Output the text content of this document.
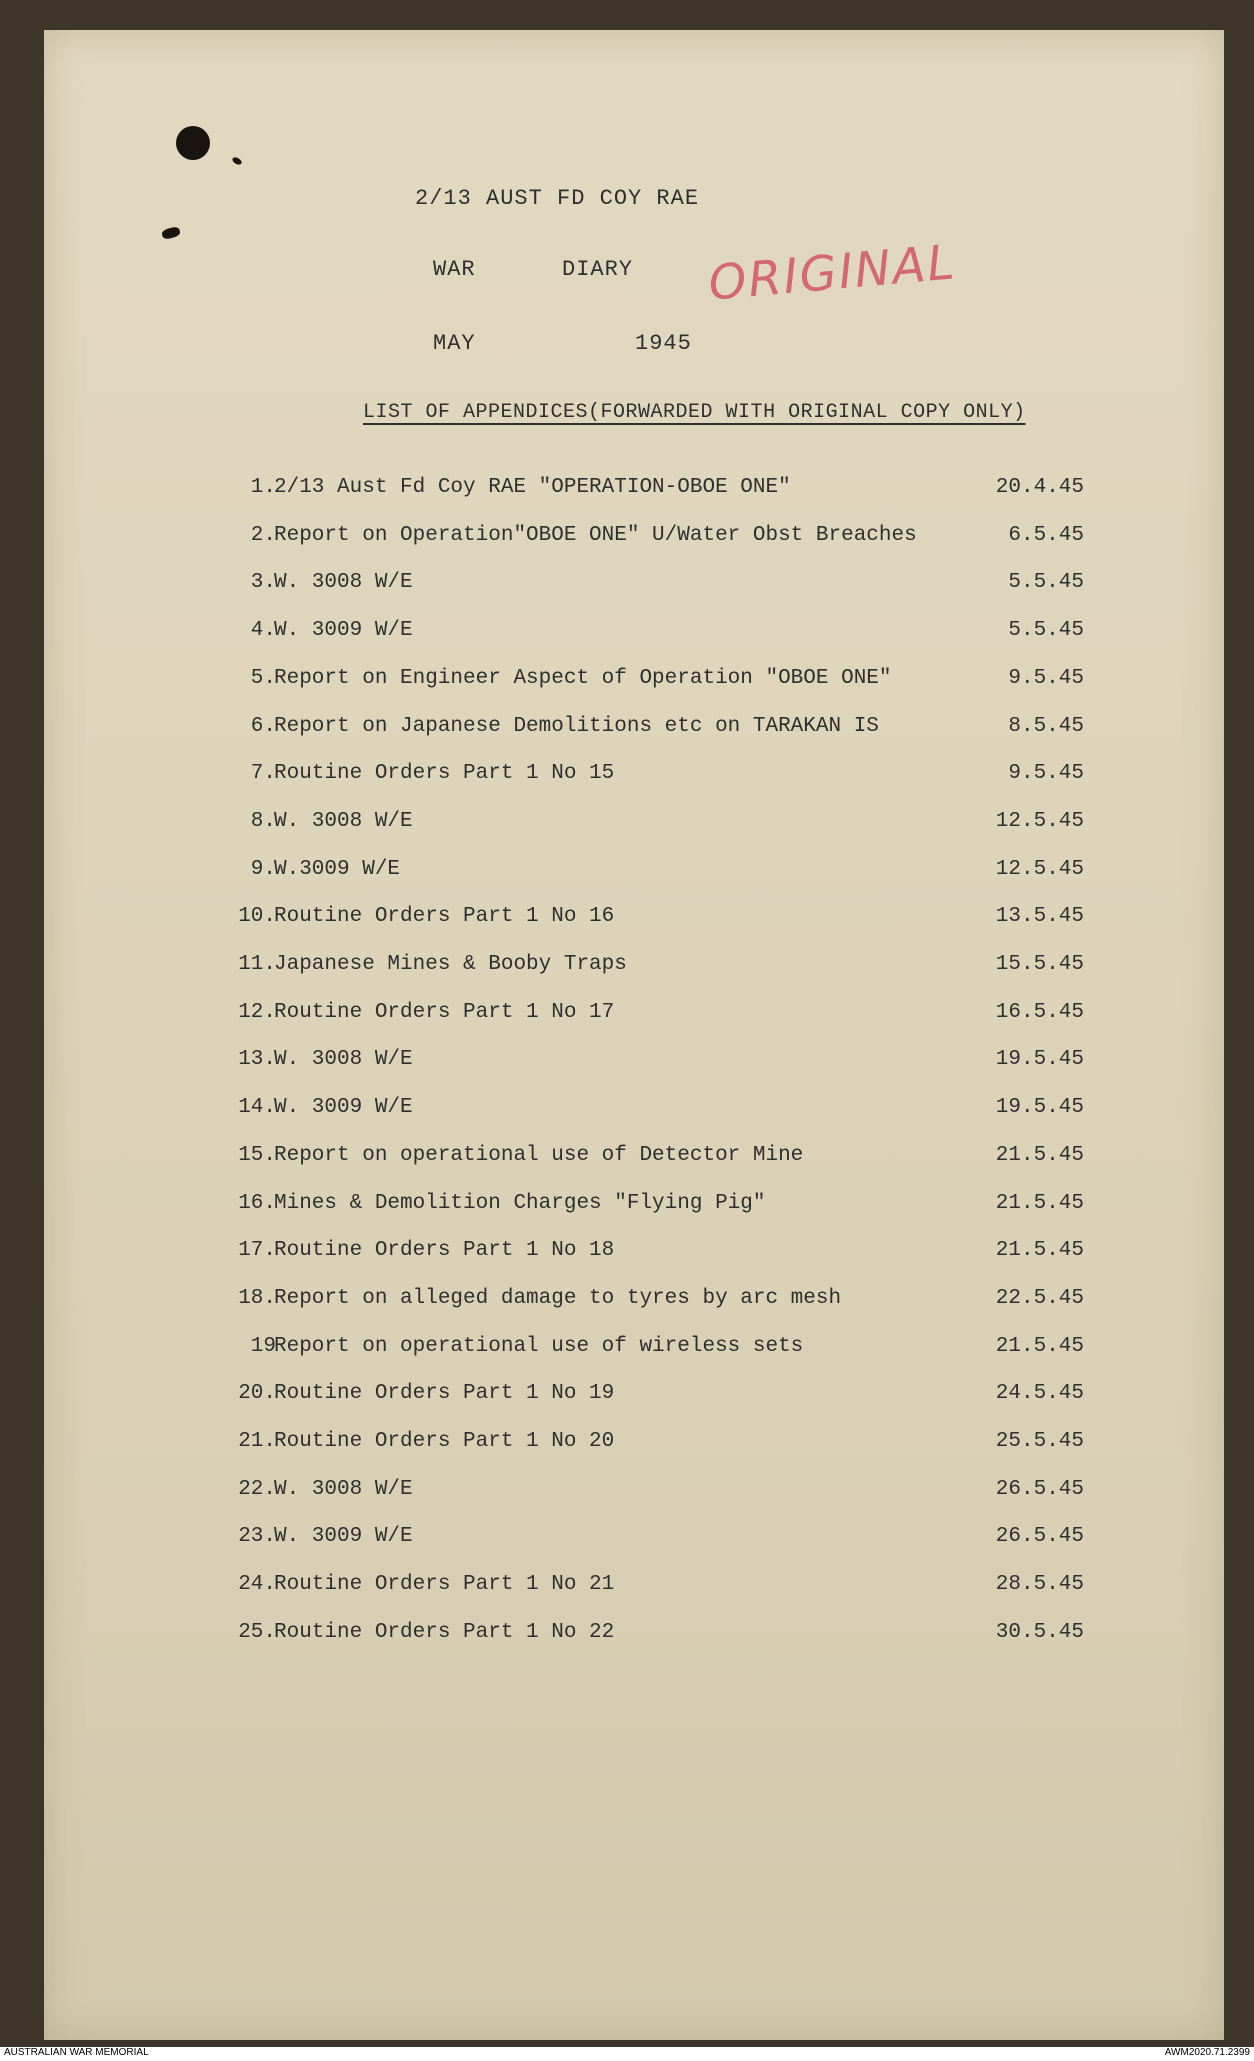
2/13 AUST FD COY RAE
WAR	DIARY ORIGINAL
MAY	1945
LIST OF APPENDICES(FORWARDED WITH ORIGINAL COPY ONLY)
1.
2/13 Aust Fd Coy RAE "OPERATION-OBOE ONE"	20.4.45
2.
Report on Operation"OBOE ONE" U/Water Obst Breaches	6.5.45
3.
W. 3008 W/E	5.5.45
4.
W. 3009 W/E	5.5.45
5.
Report on Engineer Aspect of Operation "OBOE ONE"	9.5.45
6.
Report on Japanese Demolitions etc on TARAKAN IS	8.5.45
7.
Routine Orders Part 1 No 15	9.5.45
8.
W. 3008 W/E	12.5.45
9.
W.3009 W/E	12.5.45
10.
Routine Orders Part 1 No 16	13.5.45
11.
Japanese Mines & Booby Traps	15.5.45
12.
Routine Orders Part 1 No 17	16.5.45
13.
W. 3008 W/E	19.5.45
14.
W. 3009 W/E	19.5.45
15.
Report on operational use of Detector Mine	21.5.45
16.
Mines & Demolition Charges "Flying Pig"	21.5.45
17.
Routine Orders Part 1 No 18	21.5.45
18.
Report on alleged damage to tyres by arc mesh	22.5.45
19
Report on operational use of wireless sets	21.5.45
20.
Routine Orders Part 1 No 19	24.5.45
21.
Routine Orders Part 1 No 20	25.5.45
22.
W. 3008 W/E	26.5.45
23.
W. 3009 W/E	26.5.45
24.
Routine Orders Part 1 No 21	28.5.45
25.
Routine Orders Part 1 No 22	30.5.45
AUSTRALIAN WAR MEMORIAL	AWM2020.71.2399
